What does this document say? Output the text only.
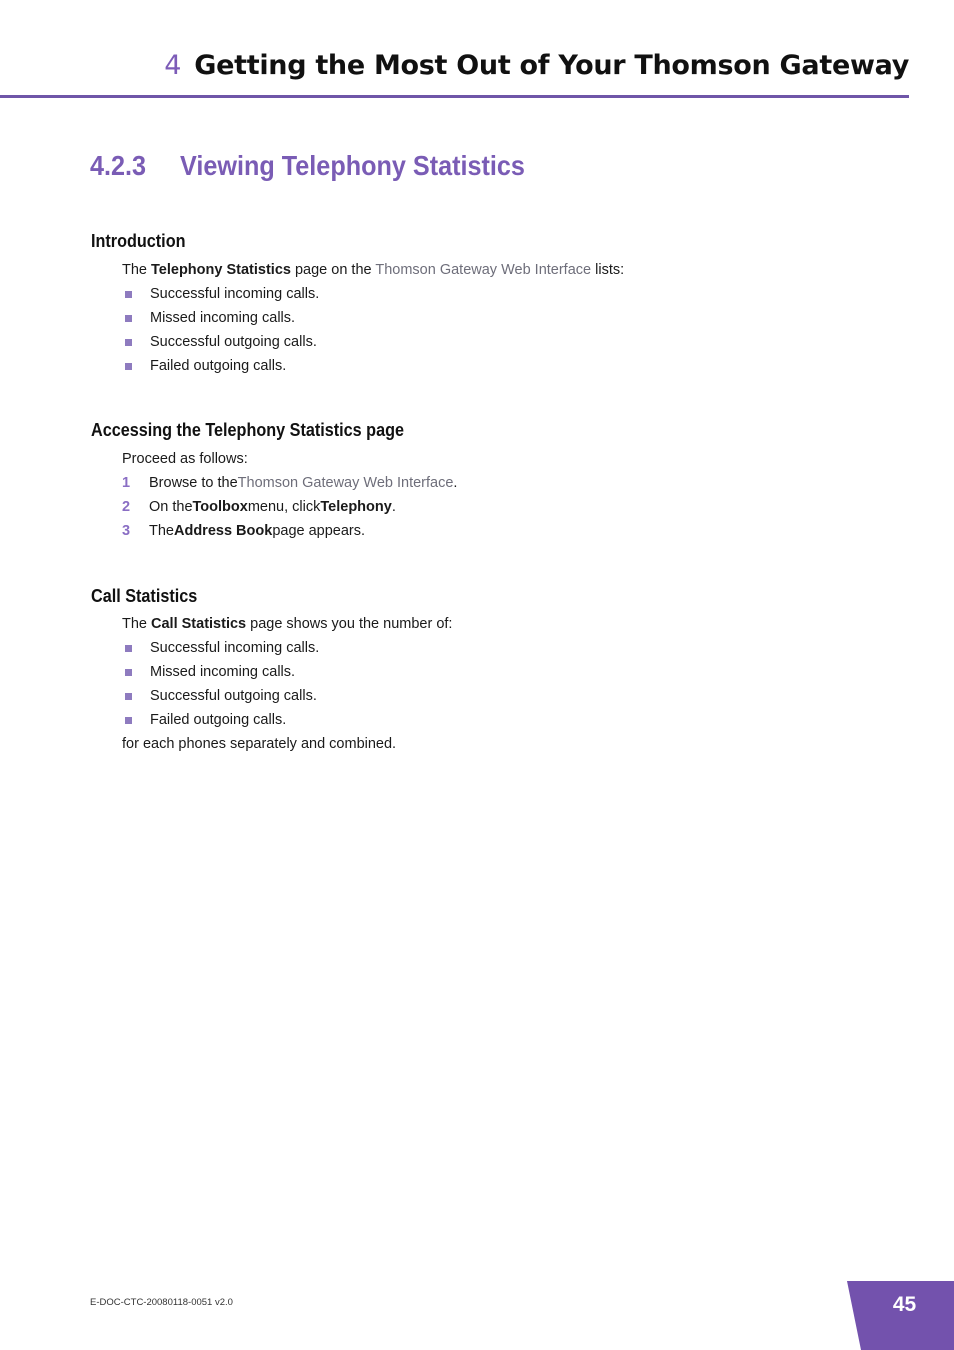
4 Getting the Most Out of Your Thomson Gateway
4.2.3 Viewing Telephony Statistics
Introduction
The Telephony Statistics page on the Thomson Gateway Web Interface lists:
Successful incoming calls.
Missed incoming calls.
Successful outgoing calls.
Failed outgoing calls.
Accessing the Telephony Statistics page
Proceed as follows:
1	Browse to the Thomson Gateway Web Interface .
2	On the Toolbox menu, click Telephony .
3	The Address Book page appears.
Call Statistics
The Call Statistics page shows you the number of:
Successful incoming calls.
Missed incoming calls.
Successful outgoing calls.
Failed outgoing calls.
for each phones separately and combined.
E-DOC-CTC-20080118-0051 v2.0	45
